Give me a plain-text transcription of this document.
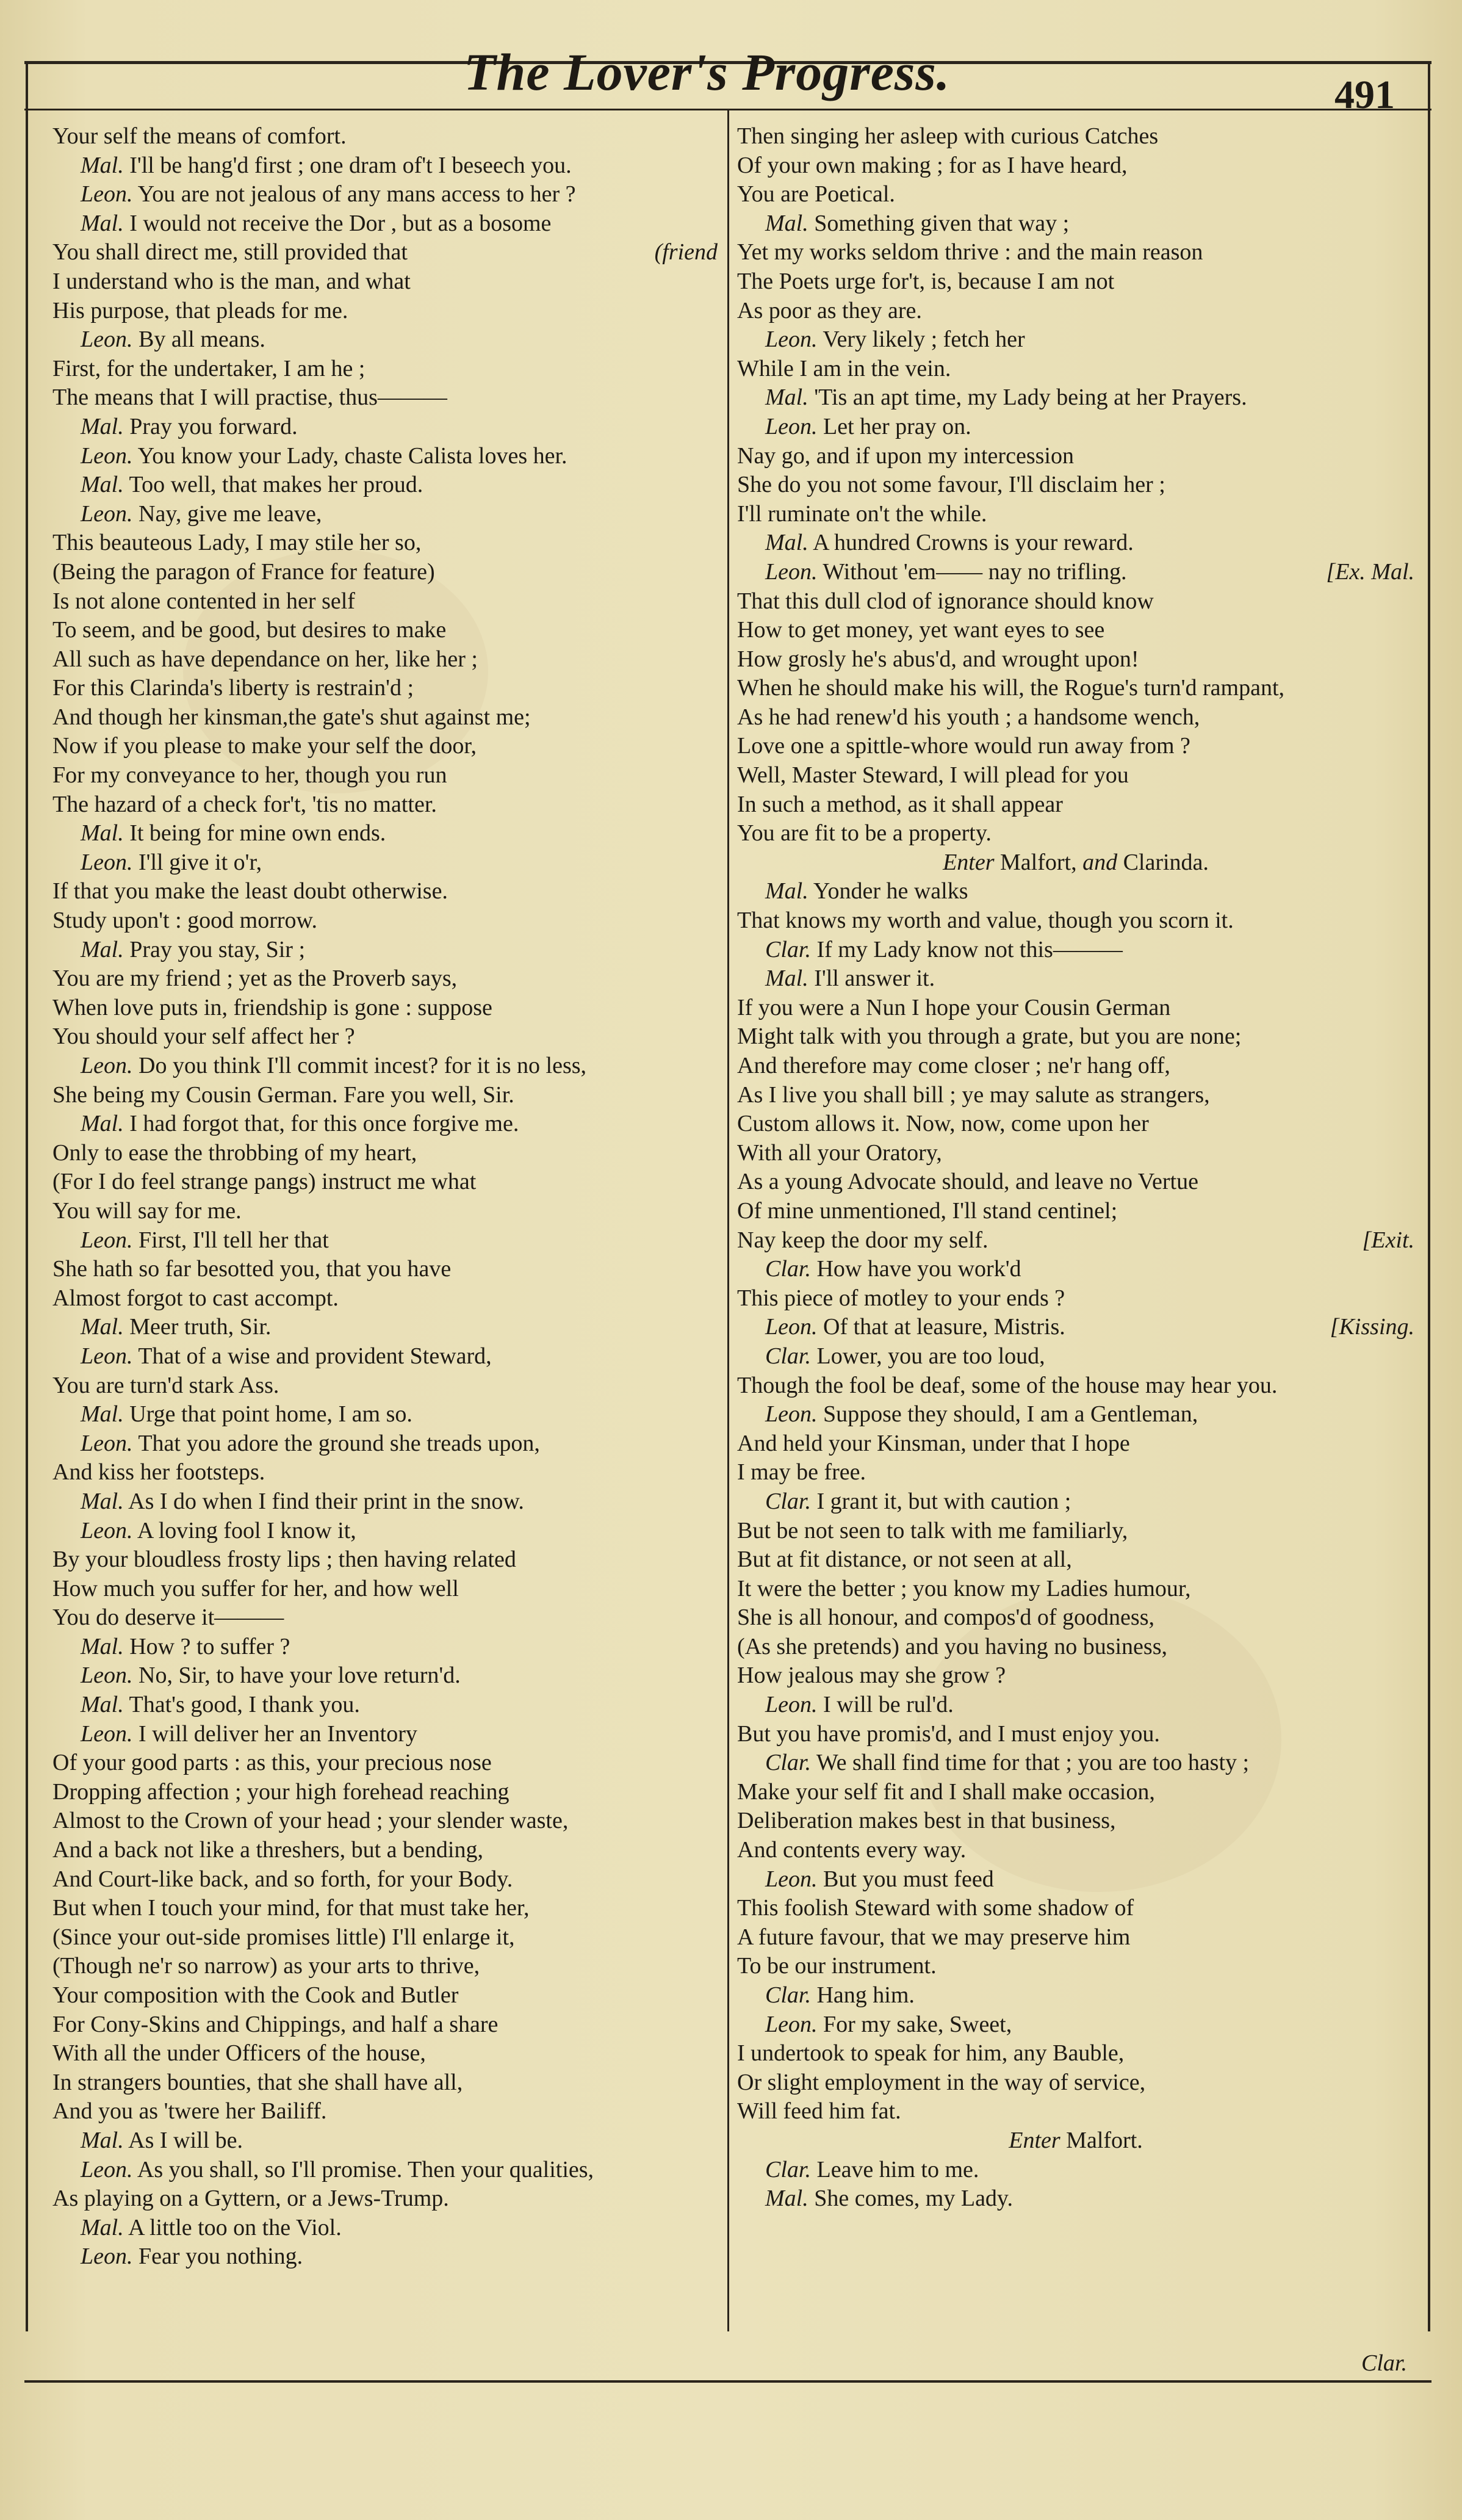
The Lover's Progress.	491
Your self the means of comfort.
Mal. I'll be hang'd first ; one dram of't I beseech you.
Leon. You are not jealous of any mans access to her ?
Mal. I would not receive the Dor , but as a bosome
(friend
You shall direct me, still provided that
I understand who is the man, and what
His purpose, that pleads for me.
Leon. By all means.
First, for the undertaker, I am he ;
The means that I will practise, thus———
Mal. Pray you forward.
Leon. You know your Lady, chaste Calista loves her.
Mal. Too well, that makes her proud.
Leon. Nay, give me leave,
This beauteous Lady, I may stile her so,
(Being the paragon of France for feature)
Is not alone contented in her self
To seem, and be good, but desires to make
All such as have dependance on her, like her ;
For this Clarinda's liberty is restrain'd ;
And though her kinsman,the gate's shut against me;
Now if you please to make your self the door,
For my conveyance to her, though you run
The hazard of a check for't, 'tis no matter.
Mal. It being for mine own ends.
Leon. I'll give it o'r,
If that you make the least doubt otherwise.
Study upon't : good morrow.
Mal. Pray you stay, Sir ;
You are my friend ; yet as the Proverb says,
When love puts in, friendship is gone : suppose
You should your self affect her ?
Leon. Do you think I'll commit incest? for it is no less,
She being my Cousin German. Fare you well, Sir.
Mal. I had forgot that, for this once forgive me.
Only to ease the throbbing of my heart,
(For I do feel strange pangs) instruct me what
You will say for me.
Leon. First, I'll tell her that
She hath so far besotted you, that you have
Almost forgot to cast accompt.
Mal. Meer truth, Sir.
Leon. That of a wise and provident Steward,
You are turn'd stark Ass.
Mal. Urge that point home, I am so.
Leon. That you adore the ground she treads upon,
And kiss her footsteps.
Mal. As I do when I find their print in the snow.
Leon. A loving fool I know it,
By your bloudless frosty lips ; then having related
How much you suffer for her, and how well
You do deserve it———
Mal. How ? to suffer ?
Leon. No, Sir, to have your love return'd.
Mal. That's good, I thank you.
Leon. I will deliver her an Inventory
Of your good parts : as this, your precious nose
Dropping affection ; your high forehead reaching
Almost to the Crown of your head ; your slender waste,
And a back not like a threshers, but a bending,
And Court-like back, and so forth, for your Body.
But when I touch your mind, for that must take her,
(Since your out-side promises little) I'll enlarge it,
(Though ne'r so narrow) as your arts to thrive,
Your composition with the Cook and Butler
For Cony-Skins and Chippings, and half a share
With all the under Officers of the house,
In strangers bounties, that she shall have all,
And you as 'twere her Bailiff.
Mal. As I will be.
Leon. As you shall, so I'll promise. Then your qualities,
As playing on a Gyttern, or a Jews-Trump.
Mal. A little too on the Viol.
Leon. Fear you nothing.
Then singing her asleep with curious Catches
Of your own making ; for as I have heard,
You are Poetical.
Mal. Something given that way ;
Yet my works seldom thrive : and the main reason
The Poets urge for't, is, because I am not
As poor as they are.
Leon. Very likely ; fetch her
While I am in the vein.
Mal. 'Tis an apt time, my Lady being at her Prayers.
Leon. Let her pray on.
Nay go, and if upon my intercession
She do you not some favour, I'll disclaim her ;
I'll ruminate on't the while.
Mal. A hundred Crowns is your reward.
[Ex. Mal.
Leon. Without 'em—— nay no trifling.
That this dull clod of ignorance should know
How to get money, yet want eyes to see
How grosly he's abus'd, and wrought upon!
When he should make his will, the Rogue's turn'd rampant,
As he had renew'd his youth ; a handsome wench,
Love one a spittle-whore would run away from ?
Well, Master Steward, I will plead for you
In such a method, as it shall appear
You are fit to be a property.
Enter Malfort, and Clarinda.
Mal. Yonder he walks
That knows my worth and value, though you scorn it.
Clar. If my Lady know not this———
Mal. I'll answer it.
If you were a Nun I hope your Cousin German
Might talk with you through a grate, but you are none;
And therefore may come closer ; ne'r hang off,
As I live you shall bill ; ye may salute as strangers,
Custom allows it. Now, now, come upon her
With all your Oratory,
As a young Advocate should, and leave no Vertue
Of mine unmentioned, I'll stand centinel;
[Exit.
Nay keep the door my self.
Clar. How have you work'd
This piece of motley to your ends ?
[Kissing.
Leon. Of that at leasure, Mistris.
Clar. Lower, you are too loud,
Though the fool be deaf, some of the house may hear you.
Leon. Suppose they should, I am a Gentleman,
And held your Kinsman, under that I hope
I may be free.
Clar. I grant it, but with caution ;
But be not seen to talk with me familiarly,
But at fit distance, or not seen at all,
It were the better ; you know my Ladies humour,
She is all honour, and compos'd of goodness,
(As she pretends) and you having no business,
How jealous may she grow ?
Leon. I will be rul'd.
But you have promis'd, and I must enjoy you.
Clar. We shall find time for that ; you are too hasty ;
Make your self fit and I shall make occasion,
Deliberation makes best in that business,
And contents every way.
Leon. But you must feed
This foolish Steward with some shadow of
A future favour, that we may preserve him
To be our instrument.
Clar. Hang him.
Leon. For my sake, Sweet,
I undertook to speak for him, any Bauble,
Or slight employment in the way of service,
Will feed him fat.
Enter Malfort.
Clar. Leave him to me.
Mal. She comes, my Lady.
Clar.
